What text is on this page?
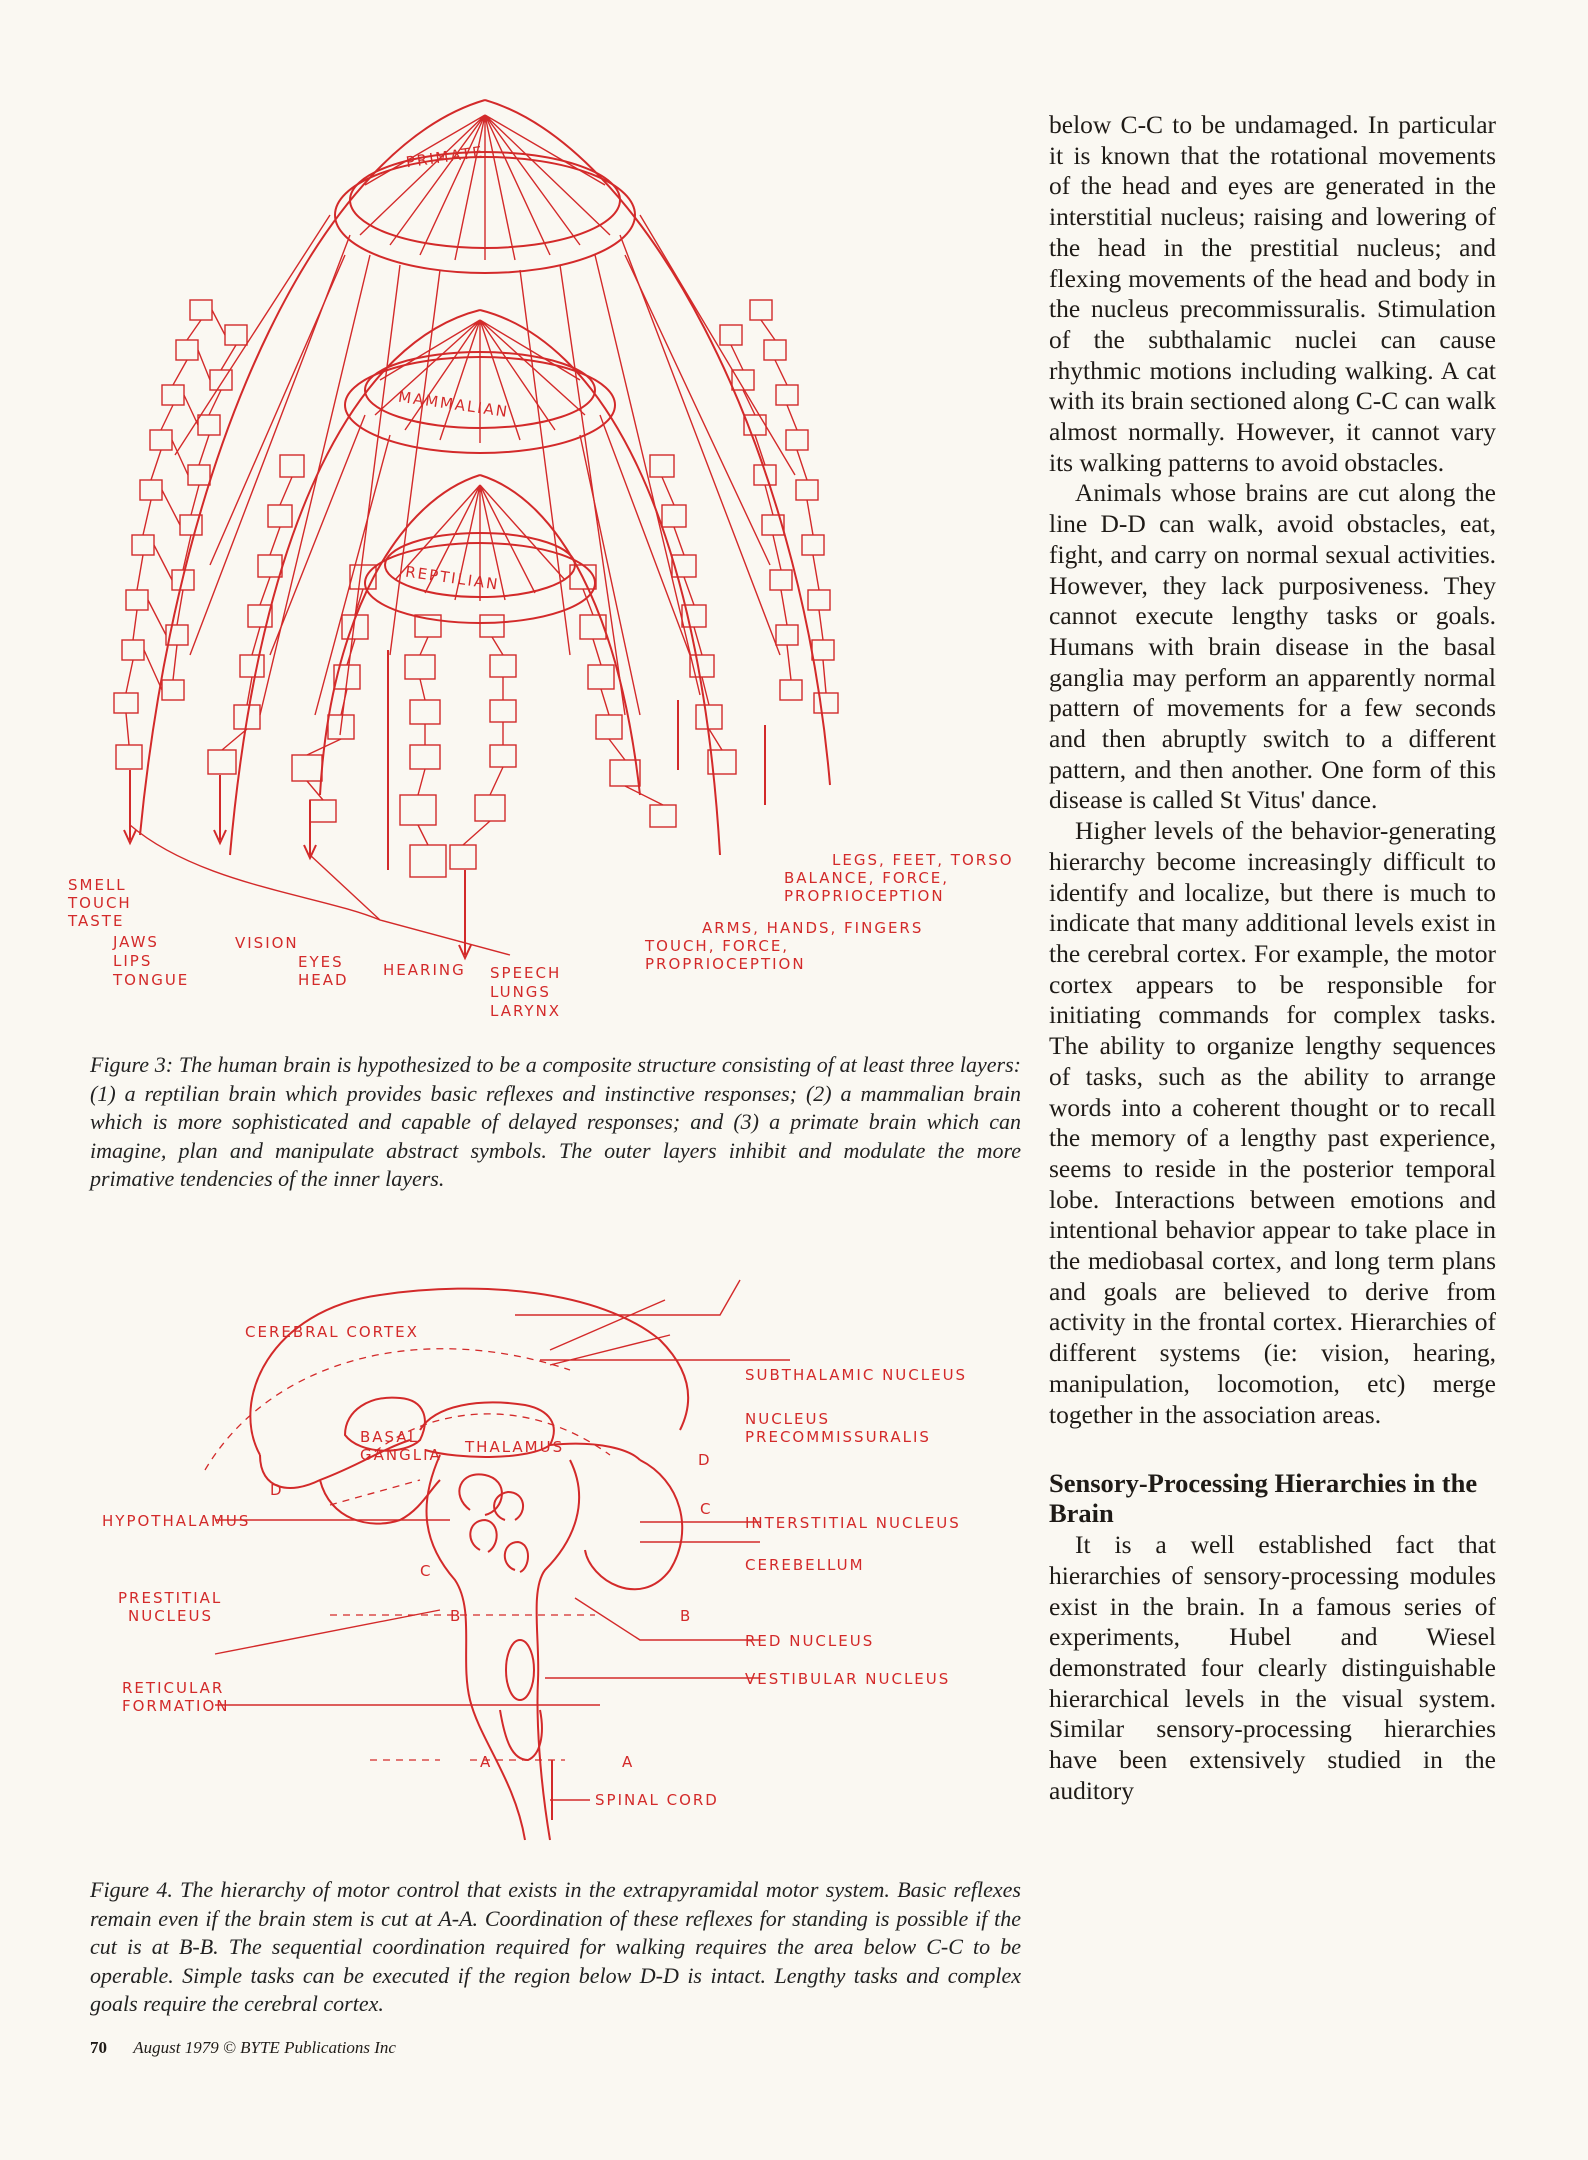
PRIMATE
MAMMALIAN
REPTILIAN
SMELL
TOUCH
TASTE
JAWS
LIPS
TONGUE
VISION
EYES
HEAD
HEARING SPEECH
LUNGS
LARYNX
LEGS, FEET, TORSO
BALANCE, FORCE,
PROPRIOCEPTION
ARMS, HANDS, FINGERS
TOUCH, FORCE,
PROPRIOCEPTION

Figure 3: The human brain is hypothesized to be a composite structure consisting of at least three layers: (1) a reptilian brain which provides basic reflexes and instinctive responses; (2) a mammalian brain which is more sophisticated and capable of delayed responses; and (3) a primate brain which can imagine, plan and manipulate abstract symbols. The outer layers inhibit and modulate the more primative tendencies of the inner layers.

CEREBRAL CORTEX
BASAL
GANGLIA THALAMUS
HYPOTHALAMUS
PRESTITIAL
NUCLEUS
RETICULAR
FORMATION
SUBTHALAMIC NUCLEUS
NUCLEUS
PRECOMMISSURALIS
INTERSTITIAL NUCLEUS
CEREBELLUM
RED NUCLEUS
VESTIBULAR NUCLEUS
SPINAL CORD
D
D
C
C
B	B
A	A

Figure 4. The hierarchy of motor control that exists in the extrapyramidal motor system. Basic reflexes remain even if the brain stem is cut at A-A. Coordination of these reflexes for standing is possible if the cut is at B-B. The sequential coordination required for walking requires the area below C-C to be operable. Simple tasks can be executed if the region below D-D is intact. Lengthy tasks and complex goals require the cerebral cortex.

below C-C to be undamaged. In particular it is known that the rotational movements of the head and eyes are generated in the interstitial nucleus; raising and lowering of the head in the prestitial nucleus; and flexing movements of the head and body in the nucleus precommissuralis. Stimulation of the subthalamic nuclei can cause rhythmic motions including walking. A cat with its brain sectioned along C-C can walk almost normally. However, it cannot vary its walking patterns to avoid obstacles.

Animals whose brains are cut along the line D-D can walk, avoid obstacles, eat, fight, and carry on normal sexual activities. However, they lack purposiveness. They cannot execute lengthy tasks or goals. Humans with brain disease in the basal ganglia may perform an apparently normal pattern of movements for a few seconds and then abruptly switch to a different pattern, and then another. One form of this disease is called St Vitus' dance.

Higher levels of the behavior-generating hierarchy become increasingly difficult to identify and localize, but there is much to indicate that many additional levels exist in the cerebral cortex. For example, the motor cortex appears to be responsible for initiating commands for complex tasks. The ability to organize lengthy sequences of tasks, such as the ability to arrange words into a coherent thought or to recall the memory of a lengthy past experience, seems to reside in the posterior temporal lobe. Interactions between emotions and intentional behavior appear to take place in the mediobasal cortex, and long term plans and goals are believed to derive from activity in the frontal cortex. Hierarchies of different systems (ie: vision, hearing, manipulation, locomotion, etc) merge together in the association areas.

Sensory-Processing Hierarchies in the Brain

It is a well established fact that hierarchies of sensory-processing modules exist in the brain. In a famous series of experiments, Hubel and Wiesel demonstrated four clearly distinguishable hierarchical levels in the visual system. Similar sensory-processing hierarchies have been extensively studied in the auditory

70 August 1979 © BYTE Publications Inc
